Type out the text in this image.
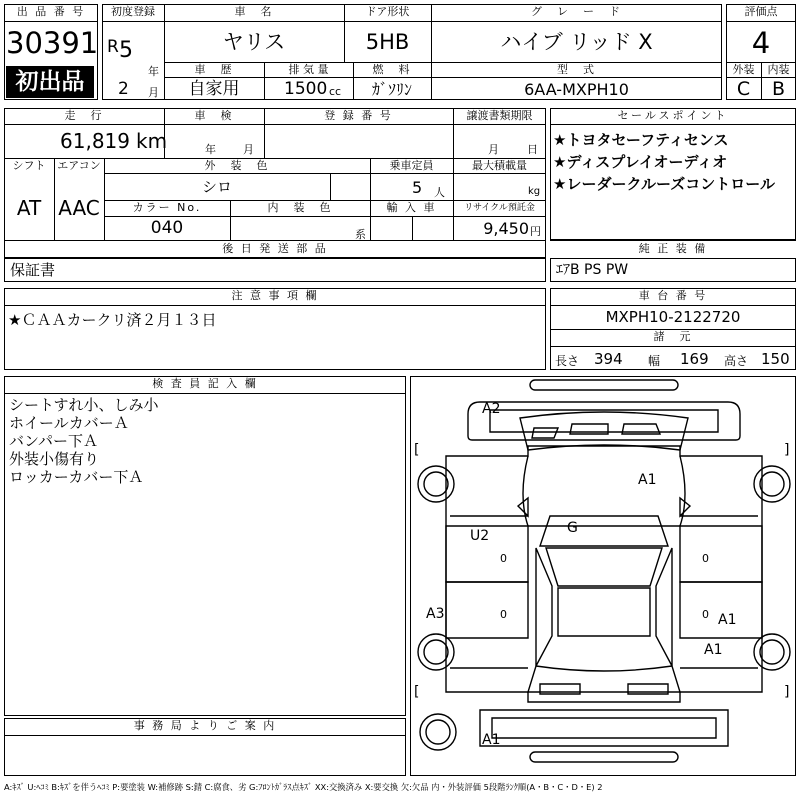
出 品 番 号
30391
初出品
初度登録
R 5
年
2 月
車　名
ヤリス
ドア形状
5HB
グ　レ　ー　ド
ハイブ リッド X
車　歴
自家用
排 気 量
1500 cc
燃　料
ｶﾞｿﾘﾝ
型　式
6AA-MXPH10
評価点
4
外装	内装
C	B
走　行
61,819 km
車　検
年 月
登 録 番 号	譲渡書類期限
月	日
シフト
AT
エアコン
AAC
外　装　色
シロ
乗車定員
5 人
最大積載量
kg
カラー No.
040
内　装　色
系
輸 入 車	リサイクル預託金
9,450 円
後 日 発 送 部 品
保証書
セールスポイント
★トヨタセーフティセンス
★ディスプレイオーディオ
★レーダークルーズコントロール
純 正 装 備
ｴｱB PS PW
注 意 事 項 欄
★ＣＡＡカークリ済２月１３日
車 台 番 号
MXPH10-2122720
諸　元
長さ 394 幅 169 高さ 150
検 査 員 記 入 欄
シートすれ小、しみ小
ホイールカバーＡ
バンパー下Ａ
外装小傷有り
ロッカーカバー下Ａ
事 務 局 よ り ご 案 内
A2
A1
G
U2
A3	A1
A1
A1
[	]
[	]
0
0
0
0
A:ｷｽﾞ U:ﾍｺﾐ B:ｷｽﾞを伴うﾍｺﾐ P:要塗装 W:補修跡 S:錆 C:腐食、劣 G:ﾌﾛﾝﾄｶﾞﾗｽ点ｷｽﾞ XX:交換済み X:要交換 欠:欠品 内・外装評価 5段階ﾗﾝｸ順(A・B・C・D・E) 2
